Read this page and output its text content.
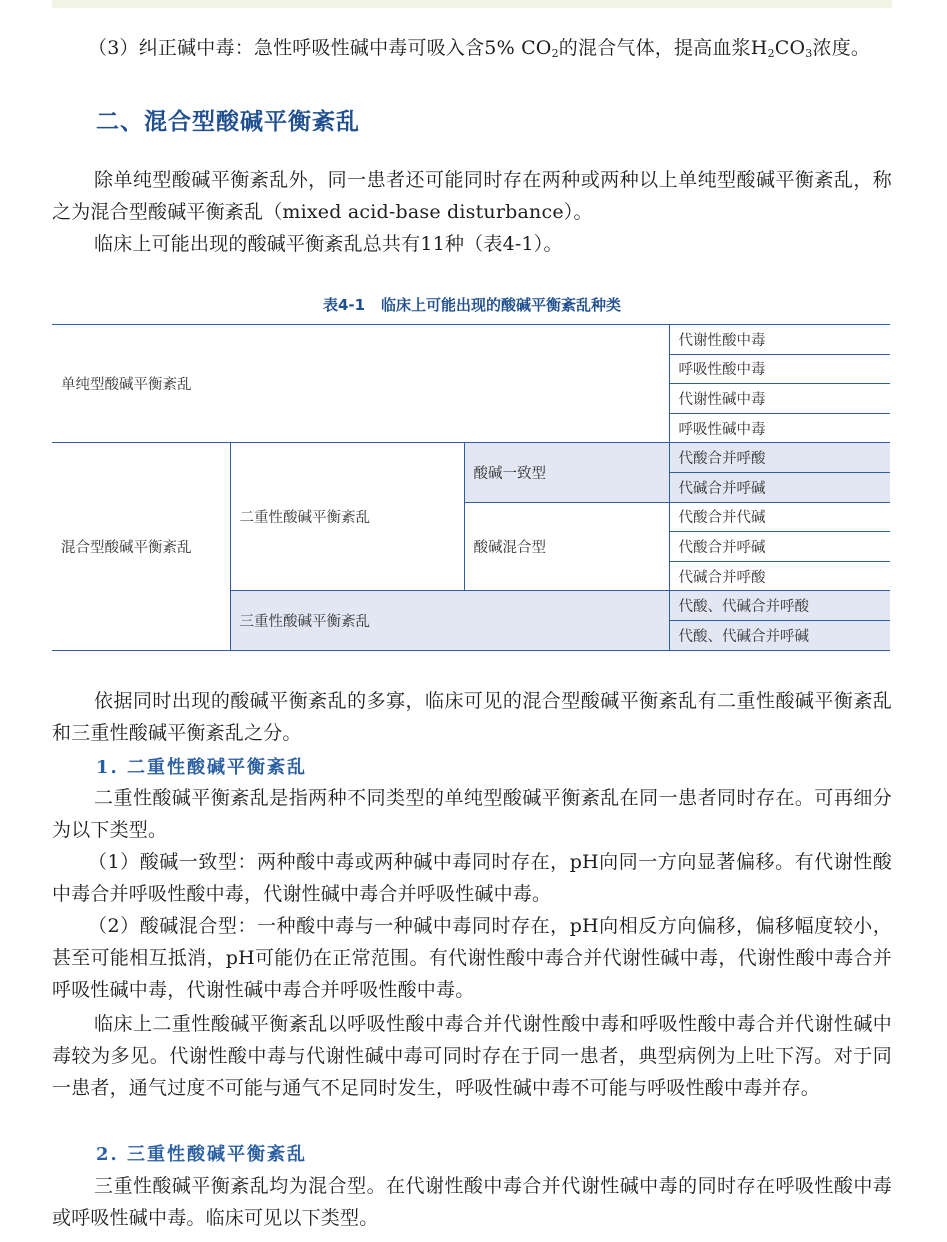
（3）纠正碱中毒：急性呼吸性碱中毒可吸入含5% $CO_2$的混合气体，提高血浆$H_2CO_3$浓度。

二、混合型酸碱平衡紊乱

除单纯型酸碱平衡紊乱外，同一患者还可能同时存在两种或两种以上单纯型酸碱平衡紊乱，称之为混合型酸碱平衡紊乱（mixed acid-base disturbance）。

临床上可能出现的酸碱平衡紊乱总共有11种（表4-1）。

表4-1 临床上可能出现的酸碱平衡紊乱种类

单纯型酸碱平衡紊乱			代谢性酸中毒
			呼吸性酸中毒
			代谢性碱中毒
			呼吸性碱中毒
混合型酸碱平衡紊乱	二重性酸碱平衡紊乱	酸碱一致型	代酸合并呼酸
			代碱合并呼碱
		酸碱混合型	代酸合并代碱
			代酸合并呼碱
			代碱合并呼酸
	三重性酸碱平衡紊乱		代酸、代碱合并呼酸
			代酸、代碱合并呼碱

依据同时出现的酸碱平衡紊乱的多寡，临床可见的混合型酸碱平衡紊乱有二重性酸碱平衡紊乱和三重性酸碱平衡紊乱之分。

1. 二重性酸碱平衡紊乱

二重性酸碱平衡紊乱是指两种不同类型的单纯型酸碱平衡紊乱在同一患者同时存在。可再细分为以下类型。

（1）酸碱一致型：两种酸中毒或两种碱中毒同时存在，pH向同一方向显著偏移。有代谢性酸中毒合并呼吸性酸中毒，代谢性碱中毒合并呼吸性碱中毒。

（2）酸碱混合型：一种酸中毒与一种碱中毒同时存在，pH向相反方向偏移，偏移幅度较小，甚至可能相互抵消，pH可能仍在正常范围。有代谢性酸中毒合并代谢性碱中毒，代谢性酸中毒合并呼吸性碱中毒，代谢性碱中毒合并呼吸性酸中毒。

临床上二重性酸碱平衡紊乱以呼吸性酸中毒合并代谢性酸中毒和呼吸性酸中毒合并代谢性碱中毒较为多见。代谢性酸中毒与代谢性碱中毒可同时存在于同一患者，典型病例为上吐下泻。对于同一患者，通气过度不可能与通气不足同时发生，呼吸性碱中毒不可能与呼吸性酸中毒并存。

2. 三重性酸碱平衡紊乱

三重性酸碱平衡紊乱均为混合型。在代谢性酸中毒合并代谢性碱中毒的同时存在呼吸性酸中毒或呼吸性碱中毒。临床可见以下类型。
